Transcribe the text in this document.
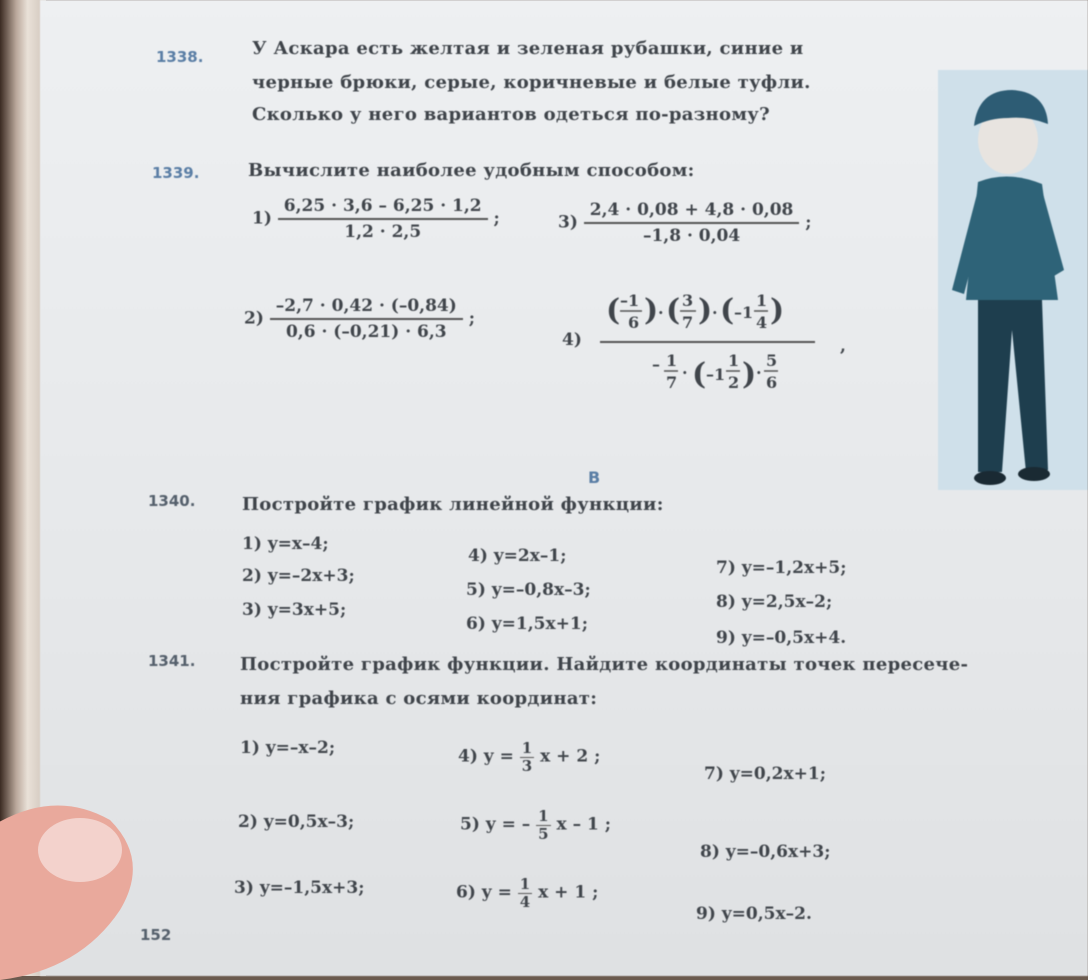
1338.	У Аскара есть желтая и зеленая рубашки, синие и
черные брюки, серые, коричневые и белые туфли.
Сколько у него вариантов одеться по-разному?
1339.	Вычислите наиболее удобным способом:
$1) \frac{6,25 \cdot 3,6 - 6,25 \cdot 1,2}{1,2 \cdot 2,5}$ ;	$3) \frac{2,4 \cdot 0,08 + 4,8 \cdot 0,08}{-1,8 \cdot 0,04}$ ;
$2) \frac{-2,7 \cdot 0,42 \cdot (-0,84)}{0,6 \cdot (-0,21) \cdot 6,3}$ ;
4)
( –1
6 ) · ( 3
7 ) · ( –1
1
4 )
– 1
7
· ( –1
1
2 ) ·
5
6
,
B
1340.	Постройте график линейной функции:
1) y=x–4;
2) y=–2x+3;
3) y=3x+5;
4) y=2x–1;
5) y=–0,8x–3;
6) y=1,5x+1;
7) y=–1,2x+5;
8) y=2,5x–2;
9) y=–0,5x+4.
1341. Постройте график функции. Найдите координаты точек пересече-
ния графика с осями координат:
1) y=–x–2;
2) y=0,5x–3;
3) y=–1,5x+3;
4) $y = \frac{1}{3}$ x + 2 ;
5) y = – $\frac{1}{5}$ x – 1 ;
6) $y = \frac{1}{4}$ x + 1 ;
7) y=0,2x+1;
8) y=–0,6x+3;
9) y=0,5x–2.
152
